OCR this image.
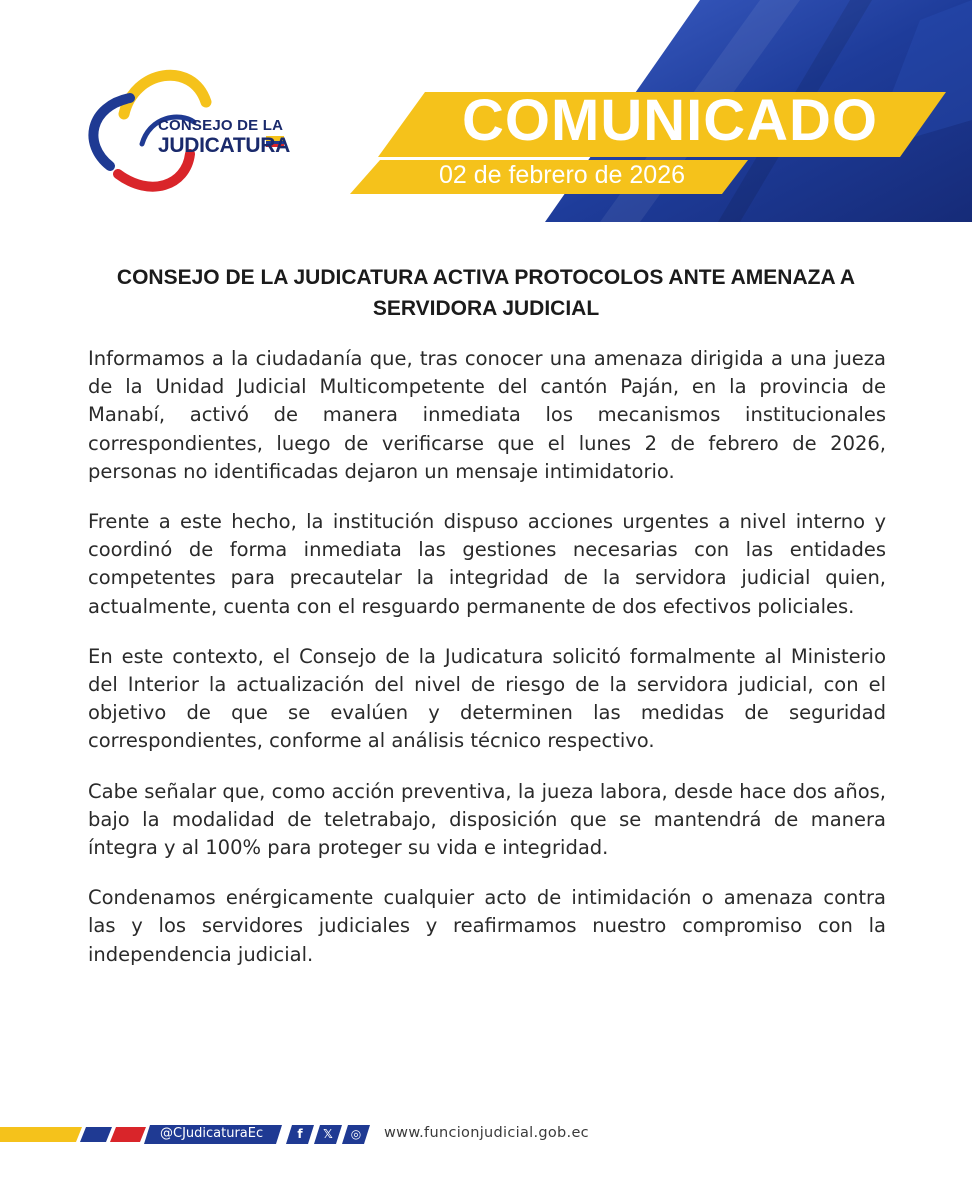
CONSEJO DE LA
JUDICATURA	COMUNICADO
02 de febrero de 2026
CONSEJO DE LA JUDICATURA ACTIVA PROTOCOLOS ANTE AMENAZA A SERVIDORA JUDICIAL

Informamos a la ciudadanía que, tras conocer una amenaza dirigida a una jueza de la Unidad Judicial Multicompetente del cantón Paján, en la provincia de Manabí, activó de manera inmediata los mecanismos institucionales correspondientes, luego de verificarse que el lunes 2 de febrero de 2026, personas no identificadas dejaron un mensaje intimidatorio.

Frente a este hecho, la institución dispuso acciones urgentes a nivel interno y coordinó de forma inmediata las gestiones necesarias con las entidades competentes para precautelar la integridad de la servidora judicial quien, actualmente, cuenta con el resguardo permanente de dos efectivos policiales.

En este contexto, el Consejo de la Judicatura solicitó formalmente al Ministerio del Interior la actualización del nivel de riesgo de la servidora judicial, con el objetivo de que se evalúen y determinen las medidas de seguridad correspondientes, conforme al análisis técnico respectivo.

Cabe señalar que, como acción preventiva, la jueza labora, desde hace dos años, bajo la modalidad de teletrabajo, disposición que se mantendrá de manera íntegra y al 100% para proteger su vida e integridad.

Condenamos enérgicamente cualquier acto de intimidación o amenaza contra las y los servidores judiciales y reafirmamos nuestro compromiso con la independencia judicial.

@CJudicaturaEc	f	𝕏	◎	www.funcionjudicial.gob.ec
